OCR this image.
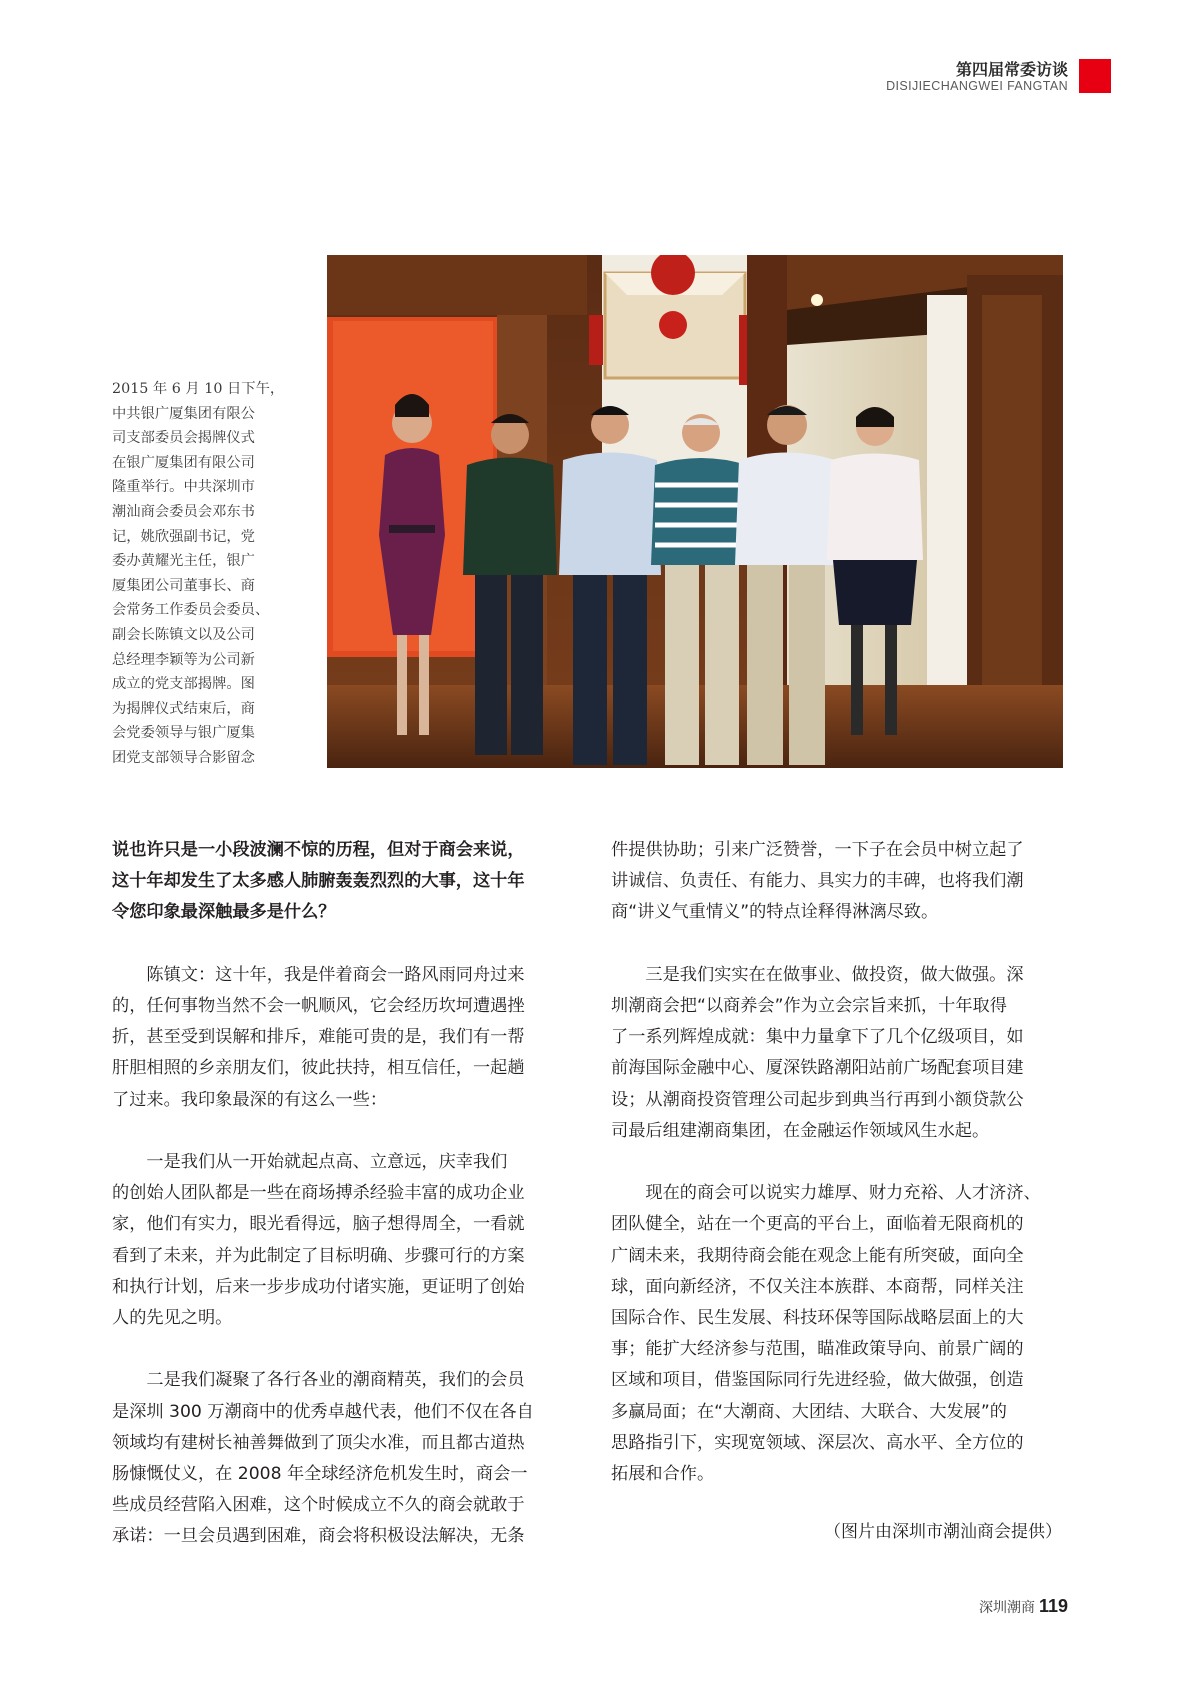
第四届常委访谈

DISIJIECHANGWEI FANGTAN

2015 年 6 月 10 日下午，
中共银广厦集团有限公
司支部委员会揭牌仪式
在银广厦集团有限公司
隆重举行。中共深圳市
潮汕商会委员会邓东书
记，姚欣强副书记，党
委办黄耀光主任，银广
厦集团公司董事长、商
会常务工作委员会委员、
副会长陈镇文以及公司
总经理李颖等为公司新
成立的党支部揭牌。图
为揭牌仪式结束后，商
会党委领导与银广厦集
团党支部领导合影留念

说也许只是一小段波澜不惊的历程，但对于商会来说，
这十年却发生了太多感人肺腑轰轰烈烈的大事，这十年
令您印象最深触最多是什么？

陈镇文：这十年，我是伴着商会一路风雨同舟过来
的，任何事物当然不会一帆顺风，它会经历坎坷遭遇挫
折，甚至受到误解和排斥，难能可贵的是，我们有一帮
肝胆相照的乡亲朋友们，彼此扶持，相互信任，一起趟
了过来。我印象最深的有这么一些：

一是我们从一开始就起点高、立意远，庆幸我们
的创始人团队都是一些在商场搏杀经验丰富的成功企业
家，他们有实力，眼光看得远，脑子想得周全，一看就
看到了未来，并为此制定了目标明确、步骤可行的方案
和执行计划，后来一步步成功付诸实施，更证明了创始
人的先见之明。

二是我们凝聚了各行各业的潮商精英，我们的会员
是深圳 300 万潮商中的优秀卓越代表，他们不仅在各自
领域均有建树长袖善舞做到了顶尖水准，而且都古道热
肠慷慨仗义，在 2008 年全球经济危机发生时，商会一
些成员经营陷入困难，这个时候成立不久的商会就敢于
承诺：一旦会员遇到困难，商会将积极设法解决，无条

件提供协助；引来广泛赞誉，一下子在会员中树立起了
讲诚信、负责任、有能力、具实力的丰碑，也将我们潮
商“讲义气重情义”的特点诠释得淋漓尽致。

三是我们实实在在做事业、做投资，做大做强。深
圳潮商会把“以商养会”作为立会宗旨来抓，十年取得
了一系列辉煌成就：集中力量拿下了几个亿级项目，如
前海国际金融中心、厦深铁路潮阳站前广场配套项目建
设；从潮商投资管理公司起步到典当行再到小额贷款公
司最后组建潮商集团，在金融运作领域风生水起。

现在的商会可以说实力雄厚、财力充裕、人才济济、
团队健全，站在一个更高的平台上，面临着无限商机的
广阔未来，我期待商会能在观念上能有所突破，面向全
球，面向新经济，不仅关注本族群、本商帮，同样关注
国际合作、民生发展、科技环保等国际战略层面上的大
事；能扩大经济参与范围，瞄准政策导向、前景广阔的
区域和项目，借鉴国际同行先进经验，做大做强，创造
多赢局面；在“大潮商、大团结、大联合、大发展”的
思路指引下，实现宽领域、深层次、高水平、全方位的
拓展和合作。

（图片由深圳市潮汕商会提供）

深圳潮商 119
